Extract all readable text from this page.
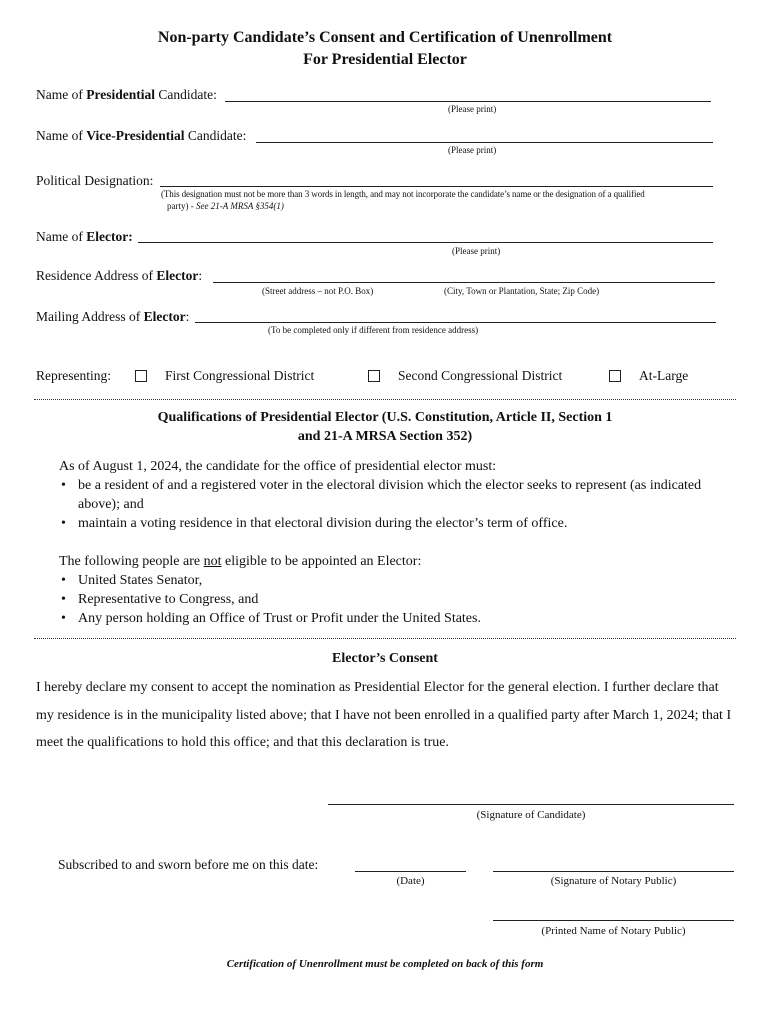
Non-party Candidate’s Consent and Certification of Unenrollment
For Presidential Elector
Name of Presidential Candidate:
(Please print)
Name of Vice-Presidential Candidate:
(Please print)
Political Designation:
(This designation must not be more than 3 words in length, and may not incorporate the candidate’s name or the designation of a qualified
party) - See 21-A MRSA §354(1)
Name of Elector:
(Please print)
Residence Address of Elector:
(Street address – not P.O. Box)	(City, Town or Plantation, State; Zip Code)
Mailing Address of Elector:
(To be completed only if different from residence address)
Representing:	First Congressional District	Second Congressional District	At-Large
Qualifications of Presidential Elector (U.S. Constitution, Article II, Section 1
and 21-A MRSA Section 352)
As of August 1, 2024, the candidate for the office of presidential elector must:
• be a resident of and a registered voter in the electoral division which the elector seeks to represent (as indicated above); and
• maintain a voting residence in that electoral division during the elector’s term of office.
The following people are not eligible to be appointed an Elector:
• United States Senator,
• Representative to Congress, and
• Any person holding an Office of Trust or Profit under the United States.
Elector’s Consent
I hereby declare my consent to accept the nomination as Presidential Elector for the general election. I further declare that my residence is in the municipality listed above; that I have not been enrolled in a qualified party after March 1, 2024; that I meet the qualifications to hold this office; and that this declaration is true.
(Signature of Candidate)
Subscribed to and sworn before me on this date:
(Date)	(Signature of Notary Public)
(Printed Name of Notary Public)
Certification of Unenrollment must be completed on back of this form
